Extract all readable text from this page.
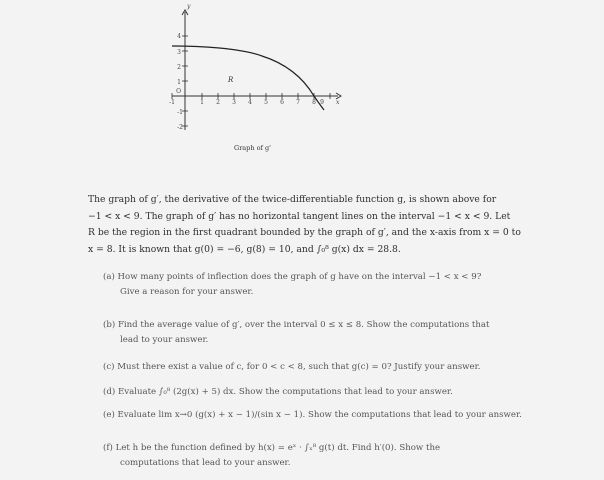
y
x
4
3
2
1
-1
-2
O
-1	1 2 3 4 5 6 7 8 9
R
Graph of g'
The graph of g′, the derivative of the twice-differentiable function g, is shown above for
−1 < x < 9. The graph of g′ has no horizontal tangent lines on the interval −1 < x < 9. Let
R be the region in the first quadrant bounded by the graph of g′, and the x-axis from x = 0 to
x = 8. It is known that g(0) = −6, g(8) = 10, and ∫₀⁸ g(x) dx = 28.8.
(a) How many points of inflection does the graph of g have on the interval −1 < x < 9?
Give a reason for your answer.
(b) Find the average value of g′, over the interval 0 ≤ x ≤ 8. Show the computations that
lead to your answer.
(c) Must there exist a value of c, for 0 < c < 8, such that g(c) = 0? Justify your answer.
(d) Evaluate ∫₀⁸ (2g(x) + 5) dx. Show the computations that lead to your answer.
(e) Evaluate lim x→0 (g(x) + x − 1)/(sin x − 1). Show the computations that lead to your answer.
(f) Let h be the function defined by h(x) = eˣ · ∫ₓ⁸ g(t) dt. Find h′(0). Show the
computations that lead to your answer.
